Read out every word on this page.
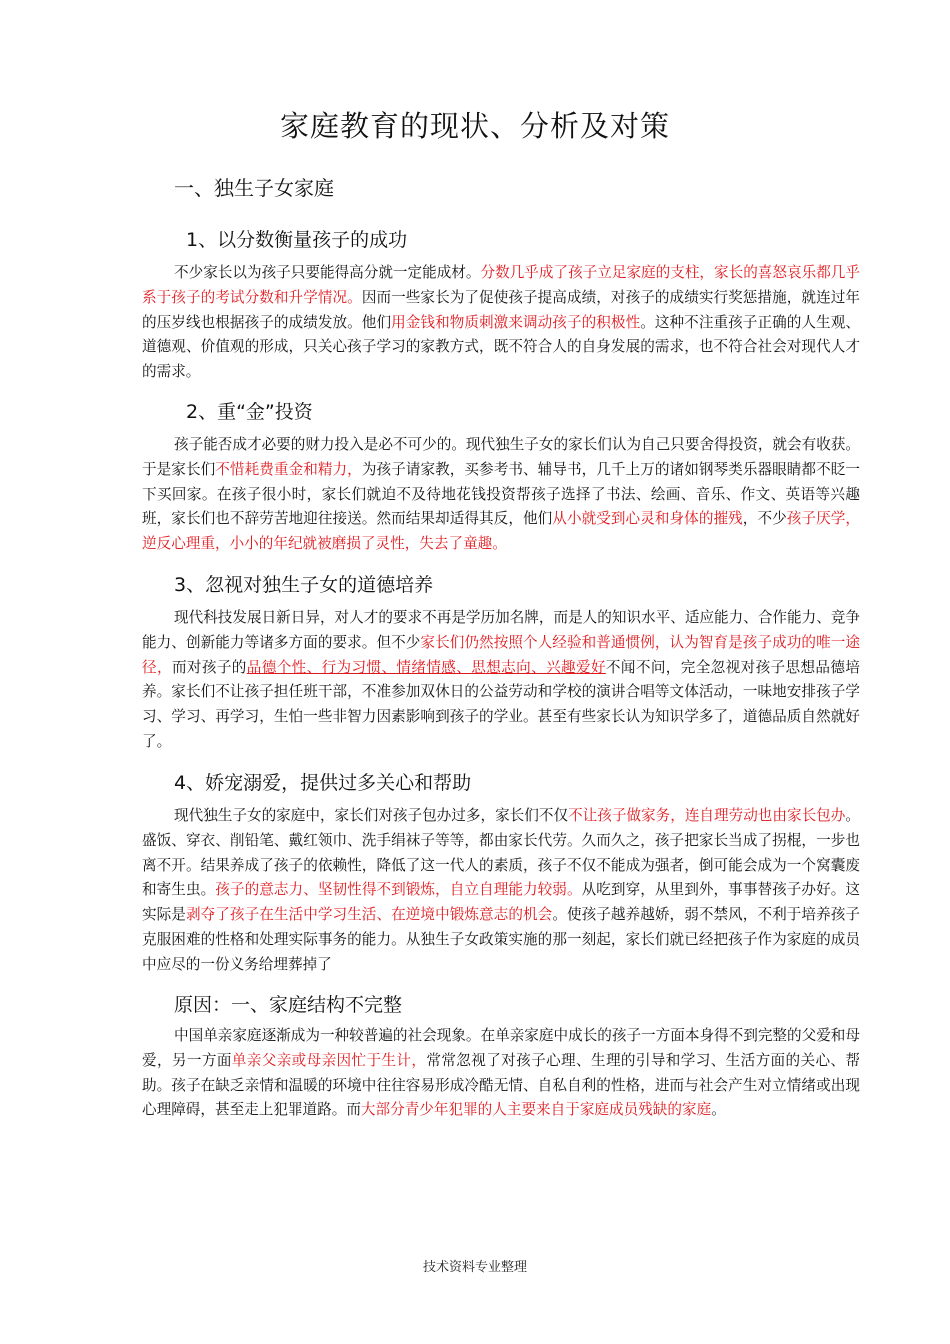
家庭教育的现状、分析及对策
一、独生子女家庭
1、以分数衡量孩子的成功

不少家长以为孩子只要能得高分就一定能成材。分数几乎成了孩子立足家庭的支柱，家长的喜怒哀乐都几乎系于孩子的考试分数和升学情况。因而一些家长为了促使孩子提高成绩，对孩子的成绩实行奖惩措施，就连过年的压岁线也根据孩子的成绩发放。他们用金钱和物质刺激来调动孩子的积极性。这种不注重孩子正确的人生观、道德观、价值观的形成，只关心孩子学习的家教方式，既不符合人的自身发展的需求，也不符合社会对现代人才的需求。

2、重“金”投资

孩子能否成才必要的财力投入是必不可少的。现代独生子女的家长们认为自己只要舍得投资，就会有收获。于是家长们不惜耗费重金和精力，为孩子请家教，买参考书、辅导书，几千上万的诸如钢琴类乐器眼睛都不眨一下买回家。在孩子很小时，家长们就迫不及待地花钱投资帮孩子选择了书法、绘画、音乐、作文、英语等兴趣班，家长们也不辞劳苦地迎往接送。然而结果却适得其反，他们从小就受到心灵和身体的摧残，不少孩子厌学，逆反心理重，小小的年纪就被磨损了灵性，失去了童趣。

3、忽视对独生子女的道德培养

现代科技发展日新日异，对人才的要求不再是学历加名牌，而是人的知识水平、适应能力、合作能力、竞争能力、创新能力等诸多方面的要求。但不少家长们仍然按照个人经验和普通惯例，认为智育是孩子成功的唯一途径，而对孩子的品德个性、行为习惯、情绪情感、思想志向、兴趣爱好不闻不问，完全忽视对孩子思想品德培养。家长们不让孩子担任班干部，不准参加双休日的公益劳动和学校的演讲合唱等文体活动，一味地安排孩子学习、学习、再学习，生怕一些非智力因素影响到孩子的学业。甚至有些家长认为知识学多了，道德品质自然就好了。

4、娇宠溺爱，提供过多关心和帮助

现代独生子女的家庭中，家长们对孩子包办过多，家长们不仅不让孩子做家务，连自理劳动也由家长包办。盛饭、穿衣、削铅笔、戴红领巾、洗手绢袜子等等，都由家长代劳。久而久之，孩子把家长当成了拐棍，一步也离不开。结果养成了孩子的依赖性，降低了这一代人的素质，孩子不仅不能成为强者，倒可能会成为一个窝囊废和寄生虫。孩子的意志力、坚韧性得不到锻炼，自立自理能力较弱。从吃到穿，从里到外，事事替孩子办好。这实际是剥夺了孩子在生活中学习生活、在逆境中锻炼意志的机会。使孩子越养越娇，弱不禁风，不利于培养孩子克服困难的性格和处理实际事务的能力。从独生子女政策实施的那一刻起，家长们就已经把孩子作为家庭的成员中应尽的一份义务给埋葬掉了

原因：一、家庭结构不完整

中国单亲家庭逐渐成为一种较普遍的社会现象。在单亲家庭中成长的孩子一方面本身得不到完整的父爱和母爱，另一方面单亲父亲或母亲因忙于生计，常常忽视了对孩子心理、生理的引导和学习、生活方面的关心、帮助。孩子在缺乏亲情和温暖的环境中往往容易形成冷酷无情、自私自利的性格，进而与社会产生对立情绪或出现心理障碍，甚至走上犯罪道路。而大部分青少年犯罪的人主要来自于家庭成员残缺的家庭。

技术资料专业整理
